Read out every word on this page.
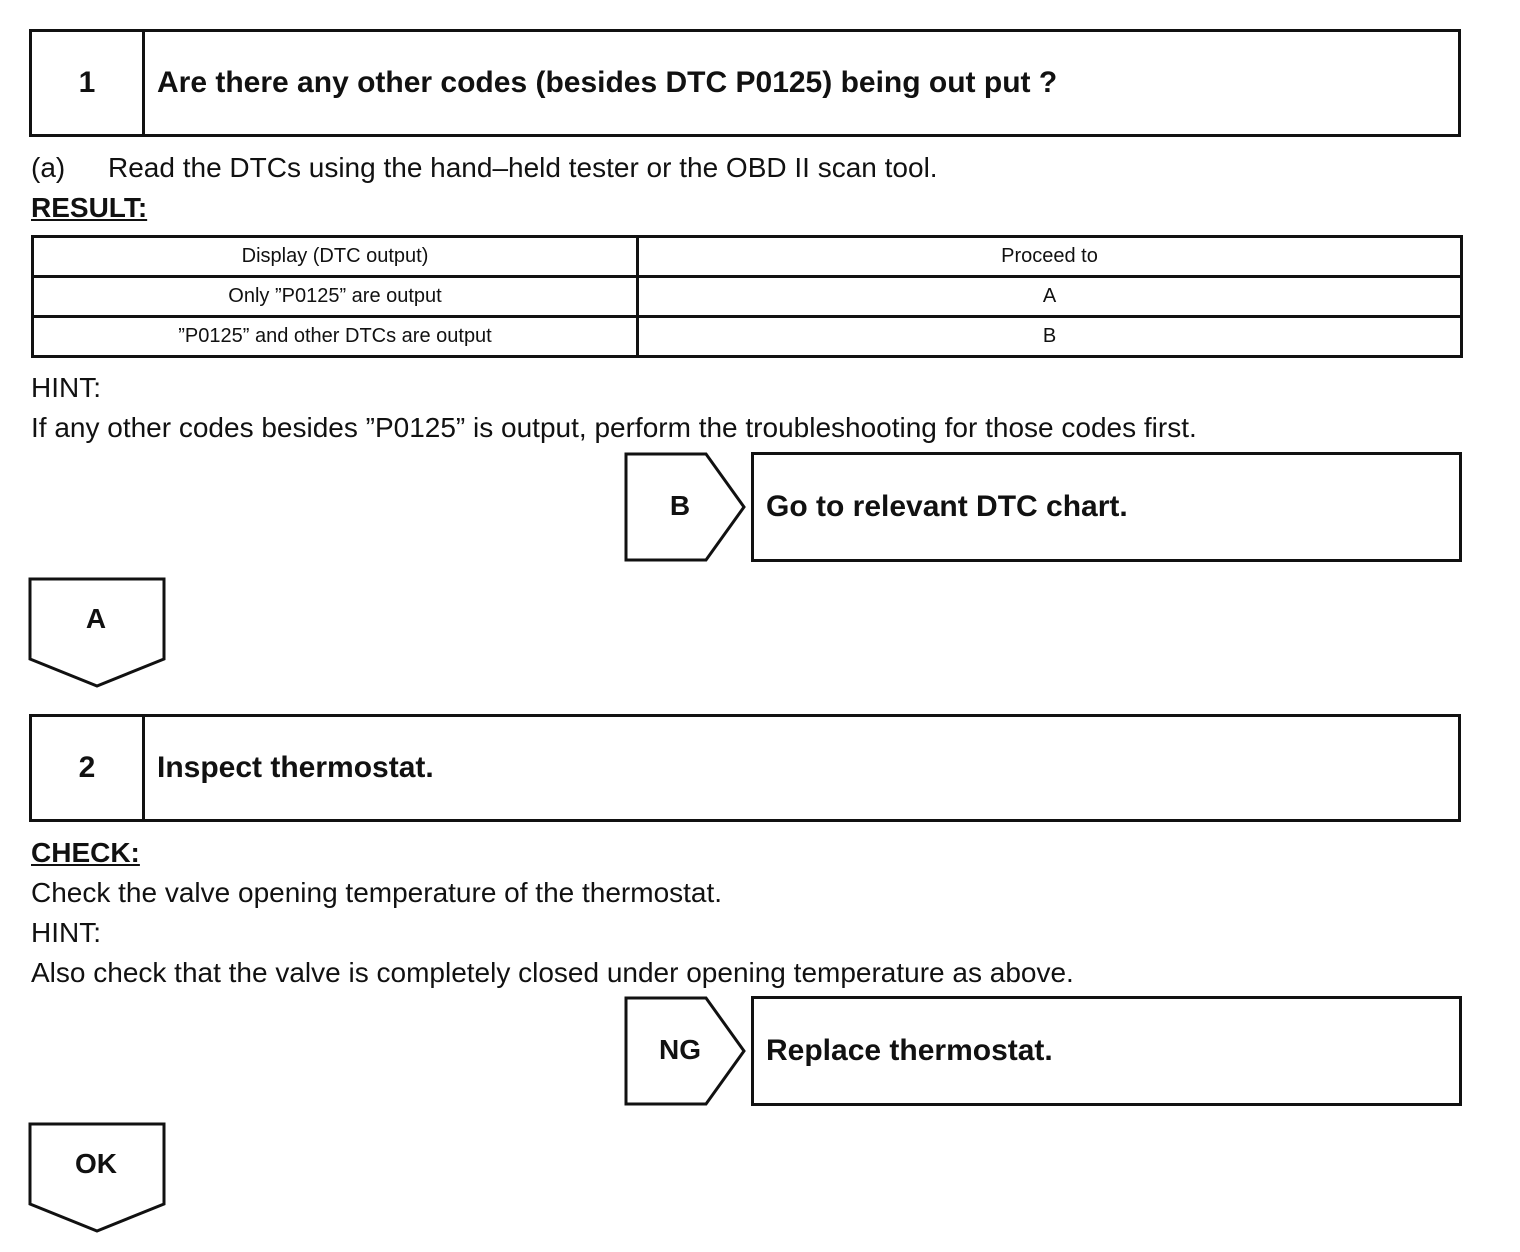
1	Are there any other codes (besides DTC P0125) being out put ?
(a) Read the DTCs using the hand–held tester or the OBD II scan tool.
RESULT:
Display (DTC output)	Proceed to
Only ”P0125” are output	A
”P0125” and other DTCs are output	B
HINT:
If any other codes besides ”P0125” is output, perform the troubleshooting for those codes first.
B	Go to relevant DTC chart.
A
2	Inspect thermostat.
CHECK:
Check the valve opening temperature of the thermostat.
HINT:
Also check that the valve is completely closed under opening temperature as above.
NG	Replace thermostat.
OK
